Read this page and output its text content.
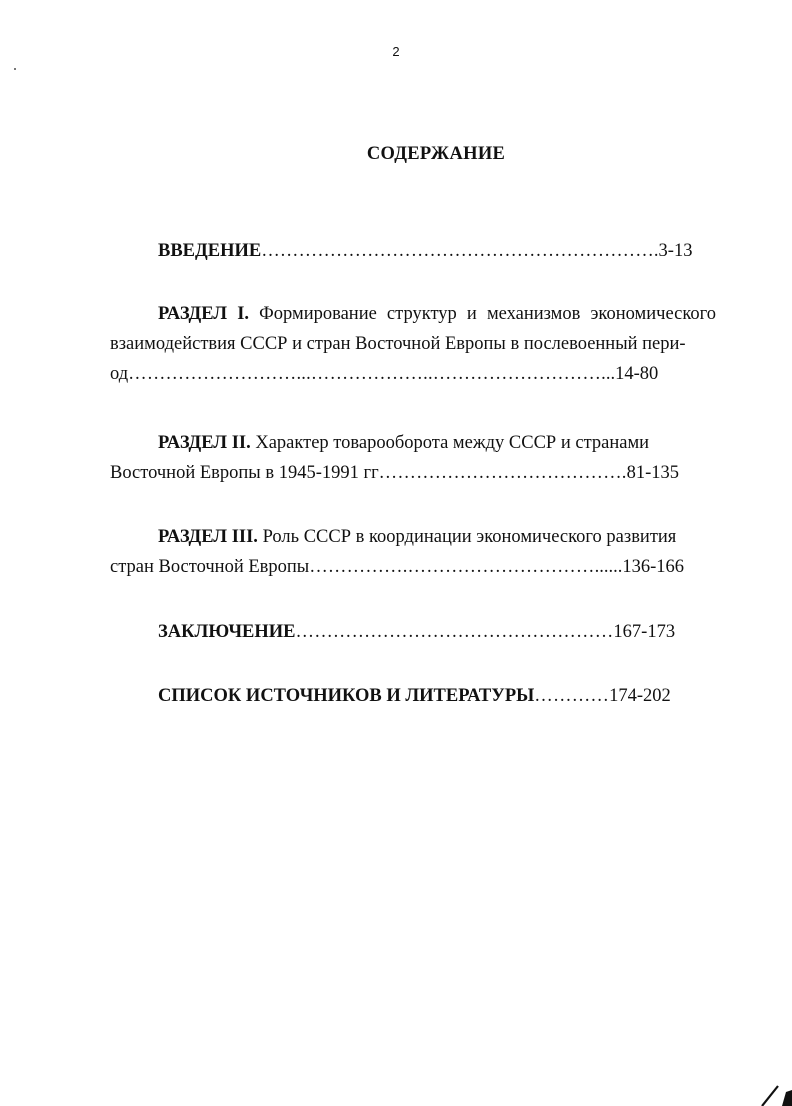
2
СОДЕРЖАНИЕ

ВВЕДЕНИЕ……………………………………………………….3-13

РАЗДЕЛ I. Формирование структур и механизмов экономического взаимодействия СССР и стран Восточной Европы в послевоенный пери-

од………………………...………………..………………………...14-80

РАЗДЕЛ II. Характер товарооборота между СССР и странами Восточной Европы в 1945-1991 гг………………………………….81-135

РАЗДЕЛ III. Роль СССР в координации экономического развития стран Восточной Европы…………….…………………………......136-166

ЗАКЛЮЧЕНИЕ……………………………………………167-173

СПИСОК ИСТОЧНИКОВ И ЛИТЕРАТУРЫ…………174-202
